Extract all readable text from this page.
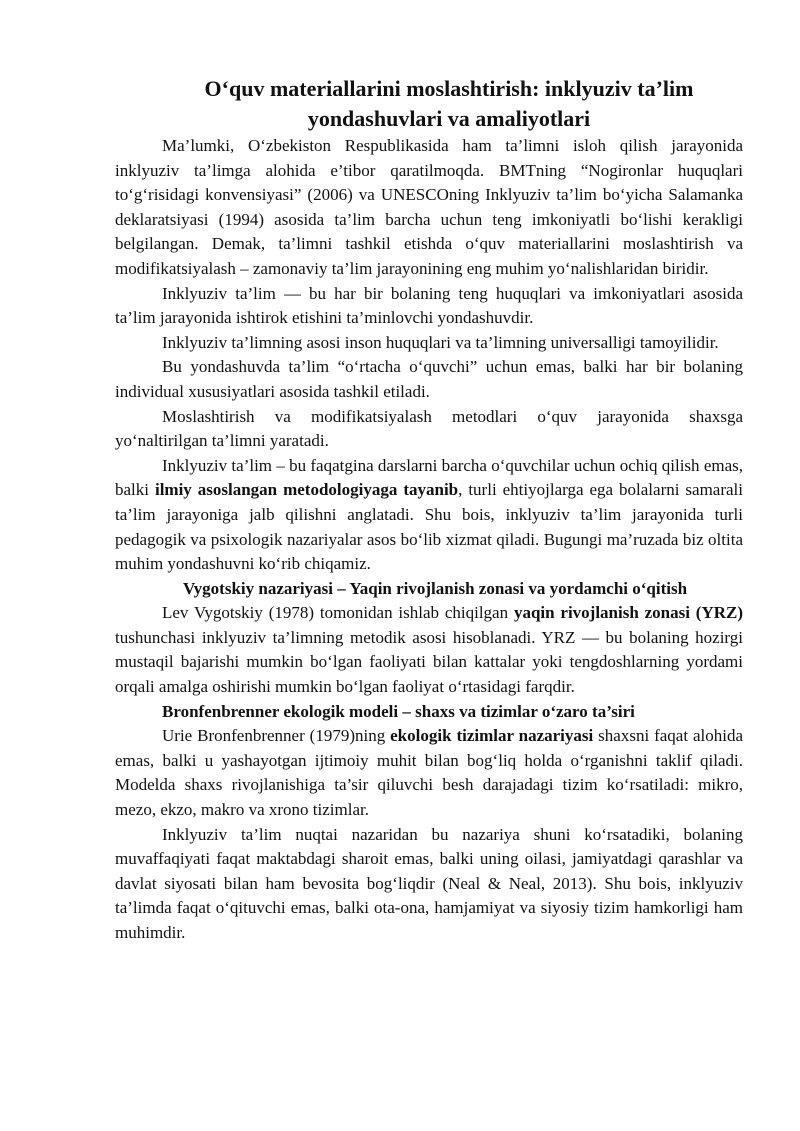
O‘quv materiallarini moslashtirish: inklyuziv ta’lim
yondashuvlari va amaliyotlari

Ma’lumki, O‘zbekiston Respublikasida ham ta’limni isloh qilish jarayonida inklyuziv ta’limga alohida e’tibor qaratilmoqda. BMTning “Nogironlar huquqlari to‘g‘risidagi konvensiyasi” (2006) va UNESCOning Inklyuziv ta’lim bo‘yicha Salamanka deklaratsiyasi (1994) asosida ta’lim barcha uchun teng imkoniyatli bo‘lishi kerakligi belgilangan. Demak, ta’limni tashkil etishda o‘quv materiallarini moslashtirish va modifikatsiyalash – zamonaviy ta’lim jarayonining eng muhim yo‘nalishlaridan biridir.

Inklyuziv ta’lim — bu har bir bolaning teng huquqlari va imkoniyatlari asosida ta’lim jarayonida ishtirok etishini ta’minlovchi yondashuvdir.

Inklyuziv ta’limning asosi inson huquqlari va ta’limning universalligi tamoyilidir.

Bu yondashuvda ta’lim “o‘rtacha o‘quvchi” uchun emas, balki har bir bolaning individual xususiyatlari asosida tashkil etiladi.

Moslashtirish va modifikatsiyalash metodlari o‘quv jarayonida shaxsga yo‘naltirilgan ta’limni yaratadi.

Inklyuziv ta’lim – bu faqatgina darslarni barcha o‘quvchilar uchun ochiq qilish emas, balki ilmiy asoslangan metodologiyaga tayanib, turli ehtiyojlarga ega bolalarni samarali ta’lim jarayoniga jalb qilishni anglatadi. Shu bois, inklyuziv ta’lim jarayonida turli pedagogik va psixologik nazariyalar asos bo‘lib xizmat qiladi. Bugungi ma’ruzada biz oltita muhim yondashuvni ko‘rib chiqamiz.

Vygotskiy nazariyasi – Yaqin rivojlanish zonasi va yordamchi o‘qitish

Lev Vygotskiy (1978) tomonidan ishlab chiqilgan yaqin rivojlanish zonasi (YRZ) tushunchasi inklyuziv ta’limning metodik asosi hisoblanadi. YRZ — bu bolaning hozirgi mustaqil bajarishi mumkin bo‘lgan faoliyati bilan kattalar yoki tengdoshlarning yordami orqali amalga oshirishi mumkin bo‘lgan faoliyat o‘rtasidagi farqdir.

Bronfenbrenner ekologik modeli – shaxs va tizimlar o‘zaro ta’siri

Urie Bronfenbrenner (1979)ning ekologik tizimlar nazariyasi shaxsni faqat alohida emas, balki u yashayotgan ijtimoiy muhit bilan bog‘liq holda o‘rganishni taklif qiladi. Modelda shaxs rivojlanishiga ta’sir qiluvchi besh darajadagi tizim ko‘rsatiladi: mikro, mezo, ekzo, makro va xrono tizimlar.

Inklyuziv ta’lim nuqtai nazaridan bu nazariya shuni ko‘rsatadiki, bolaning muvaffaqiyati faqat maktabdagi sharoit emas, balki uning oilasi, jamiyatdagi qarashlar va davlat siyosati bilan ham bevosita bog‘liqdir (Neal & Neal, 2013). Shu bois, inklyuziv ta’limda faqat o‘qituvchi emas, balki ota-ona, hamjamiyat va siyosiy tizim hamkorligi ham muhimdir.
